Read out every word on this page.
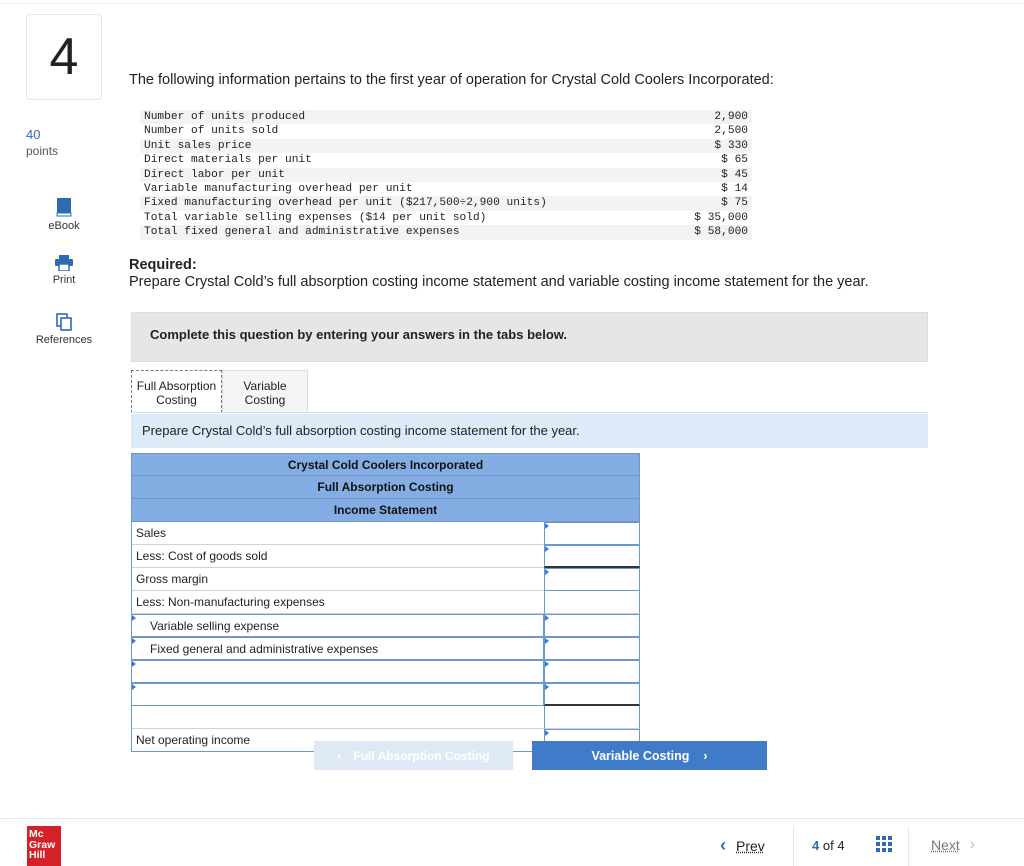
4
40
points
eBook
Print
References
The following information pertains to the first year of operation for Crystal Cold Coolers Incorporated:
Number of units produced	2,900
Number of units sold	2,500
Unit sales price	$ 330
Direct materials per unit	$ 65
Direct labor per unit	$ 45
Variable manufacturing overhead per unit	$ 14
Fixed manufacturing overhead per unit ($217,500÷2,900 units)	$ 75
Total variable selling expenses ($14 per unit sold)	$ 35,000
Total fixed general and administrative expenses	$ 58,000
Required:
Prepare Crystal Cold’s full absorption costing income statement and variable costing income statement for the year.
Complete this question by entering your answers in the tabs below.
Full Absorption
Costing
Variable
Costing
Prepare Crystal Cold’s full absorption costing income statement for the year.
Crystal Cold Coolers Incorporated
Full Absorption Costing
Income Statement
Sales
Less: Cost of goods sold
Gross margin
Less: Non-manufacturing expenses
Variable selling expense
Fixed general and administrative expenses
Net operating income
‹ Full Absorption Costing	Variable Costing ›
Mc
Graw
Hill	‹ Prev	4 of 4	Next ›
